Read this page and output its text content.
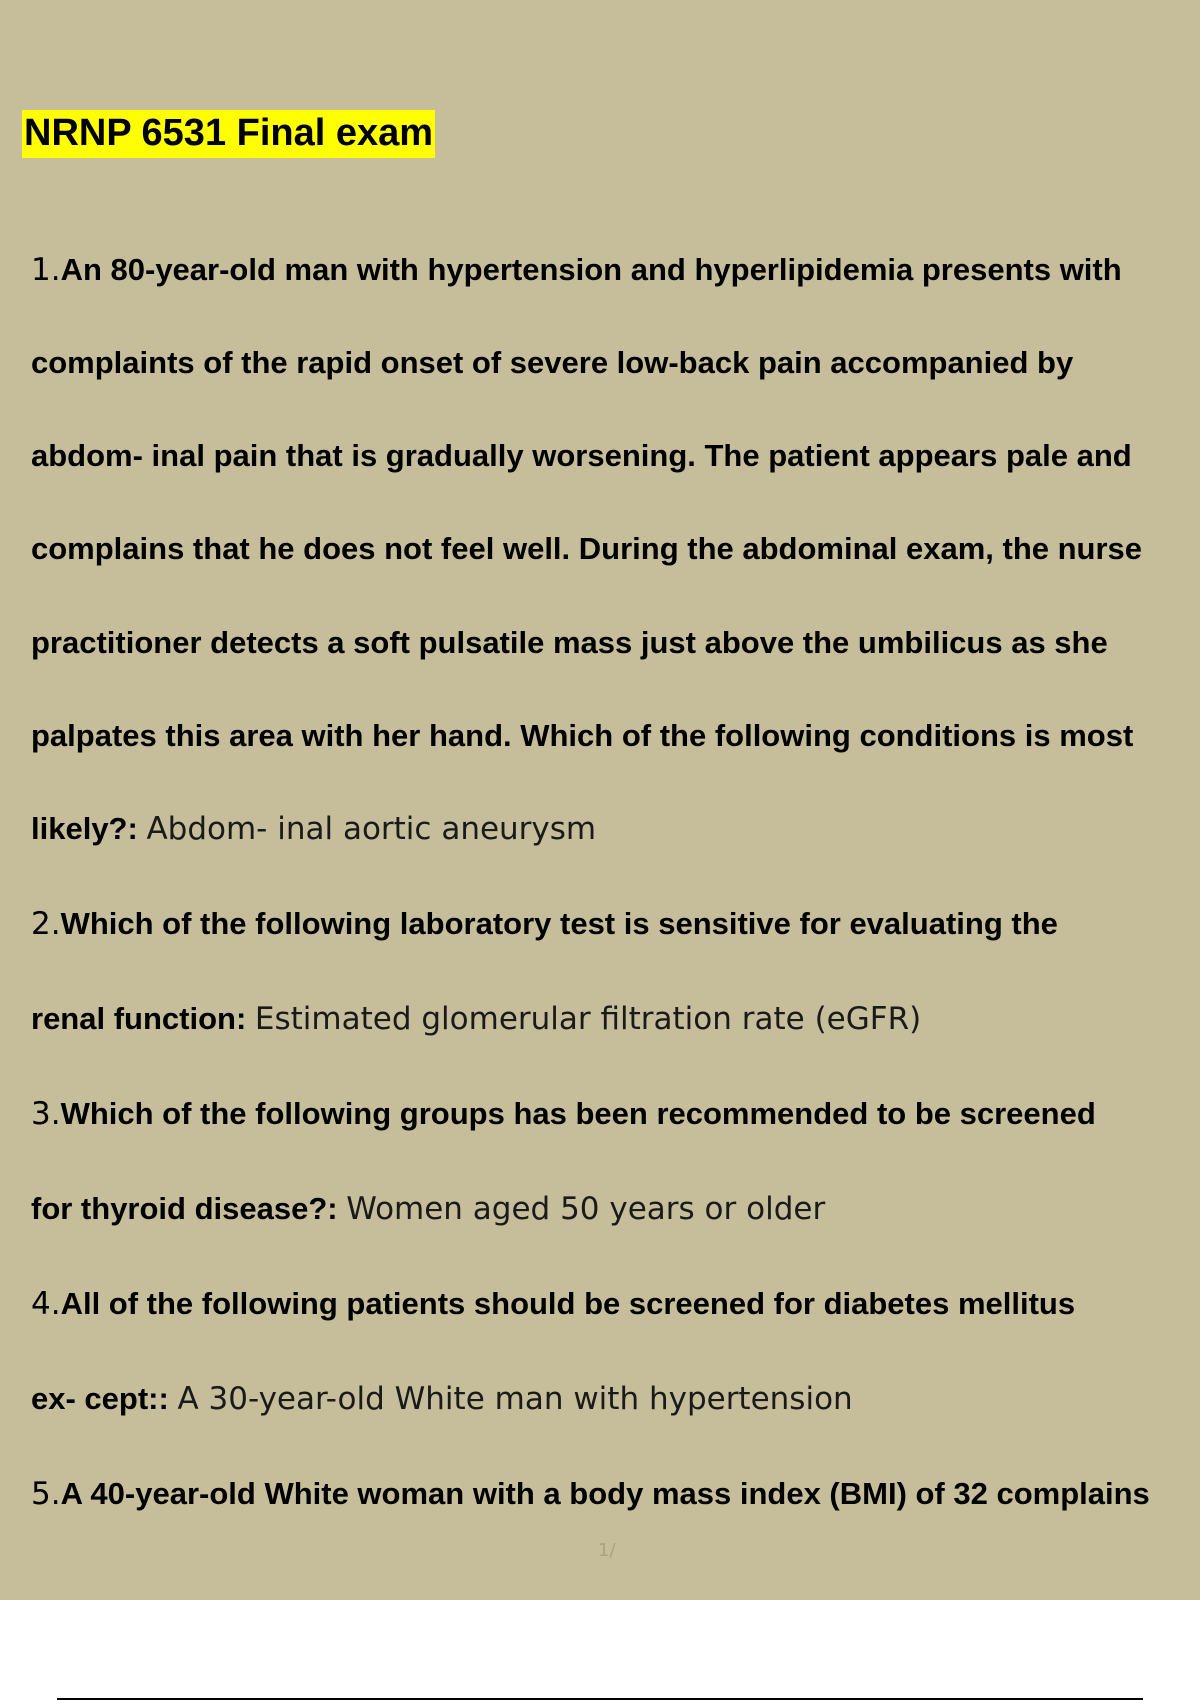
NRNP 6531 Final exam

1.An 80-year-old man with hypertension and hyperlipidemia presents with

complaints of the rapid onset of severe low-back pain accompanied by

abdom- inal pain that is gradually worsening. The patient appears pale and

complains that he does not feel well. During the abdominal exam, the nurse

practitioner detects a soft pulsatile mass just above the umbilicus as she

palpates this area with her hand. Which of the following conditions is most

likely?: Abdom- inal aortic aneurysm

2.Which of the following laboratory test is sensitive for evaluating the

renal function: Estimated glomerular filtration rate (eGFR)

3.Which of the following groups has been recommended to be screened

for thyroid disease?: Women aged 50 years or older

4.All of the following patients should be screened for diabetes mellitus

ex- cept:: A 30-year-old White man with hypertension

5.A 40-year-old White woman with a body mass index (BMI) of 32 complains

1/
